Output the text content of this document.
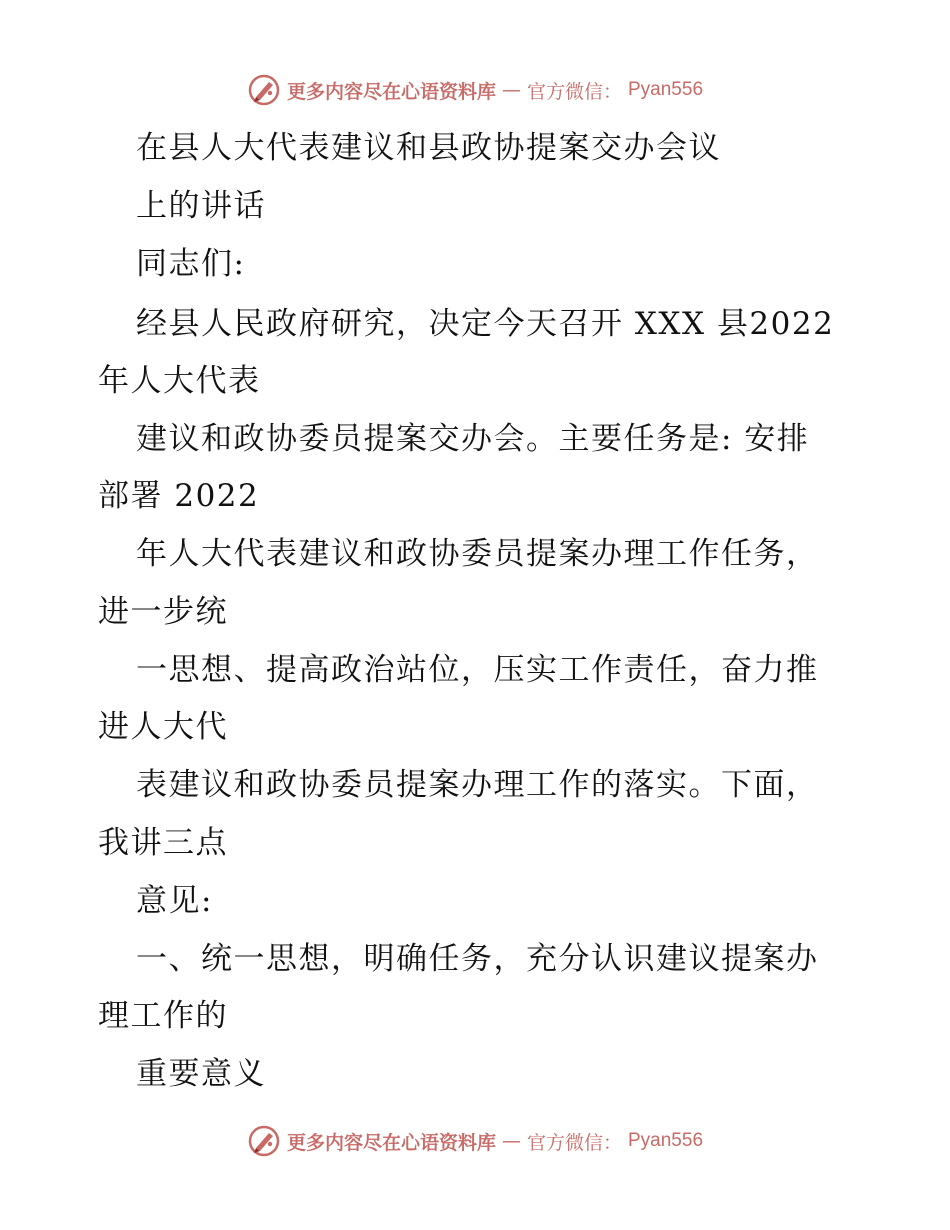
更多内容尽在心语资料库 — 官方微信： Pyan556
在县人大代表建议和县政协提案交办会议
上的讲话
同志们:
经县人民政府研究，决定今天召开 XXX 县2022
年人大代表
建议和政协委员提案交办会。主要任务是: 安排
部署 2022
年人大代表建议和政协委员提案办理工作任务，
进一步统
一思想、提高政治站位，压实工作责任，奋力推
进人大代
表建议和政协委员提案办理工作的落实。下面，
我讲三点
意见:
一、统一思想，明确任务，充分认识建议提案办
理工作的
重要意义
更多内容尽在心语资料库 — 官方微信： Pyan556
